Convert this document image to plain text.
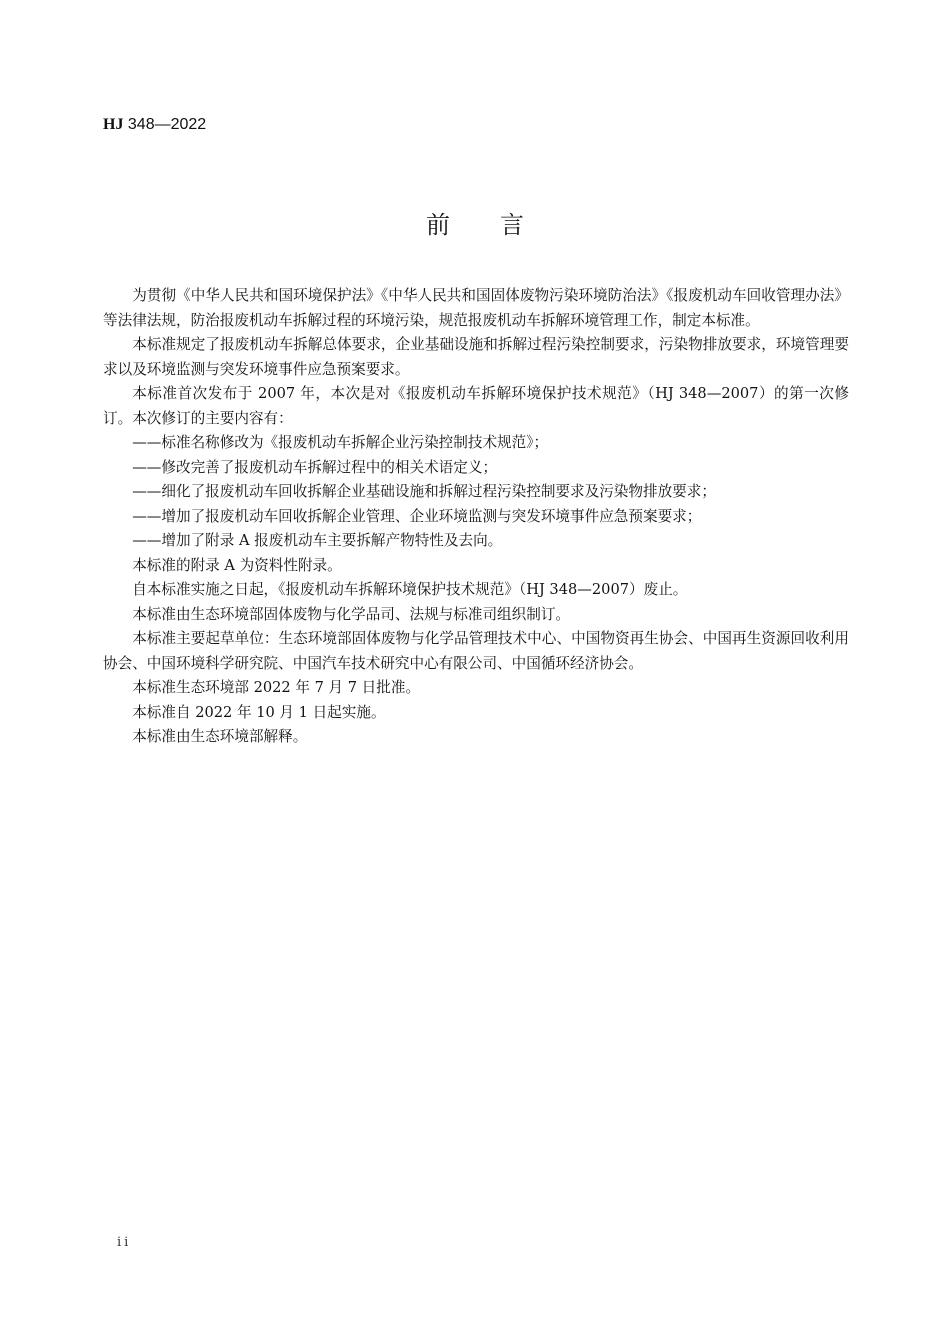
HJ 348—2022
前言

为贯彻《中华人民共和国环境保护法》《中华人民共和国固体废物污染环境防治法》《报废机动车回收管理办法》等法律法规，防治报废机动车拆解过程的环境污染，规范报废机动车拆解环境管理工作，制定本标准。

本标准规定了报废机动车拆解总体要求，企业基础设施和拆解过程污染控制要求，污染物排放要求，环境管理要求以及环境监测与突发环境事件应急预案要求。

本标准首次发布于 2007 年，本次是对《报废机动车拆解环境保护技术规范》（HJ 348—2007）的第一次修订。本次修订的主要内容有：

——标准名称修改为《报废机动车拆解企业污染控制技术规范》；

——修改完善了报废机动车拆解过程中的相关术语定义；

——细化了报废机动车回收拆解企业基础设施和拆解过程污染控制要求及污染物排放要求；

——增加了报废机动车回收拆解企业管理、企业环境监测与突发环境事件应急预案要求；

——增加了附录 A 报废机动车主要拆解产物特性及去向。

本标准的附录 A 为资料性附录。

自本标准实施之日起，《报废机动车拆解环境保护技术规范》（HJ 348—2007）废止。

本标准由生态环境部固体废物与化学品司、法规与标准司组织制订。

本标准主要起草单位：生态环境部固体废物与化学品管理技术中心、中国物资再生协会、中国再生资源回收利用协会、中国环境科学研究院、中国汽车技术研究中心有限公司、中国循环经济协会。

本标准生态环境部 2022 年 7 月 7 日批准。

本标准自 2022 年 10 月 1 日起实施。

本标准由生态环境部解释。

ii
